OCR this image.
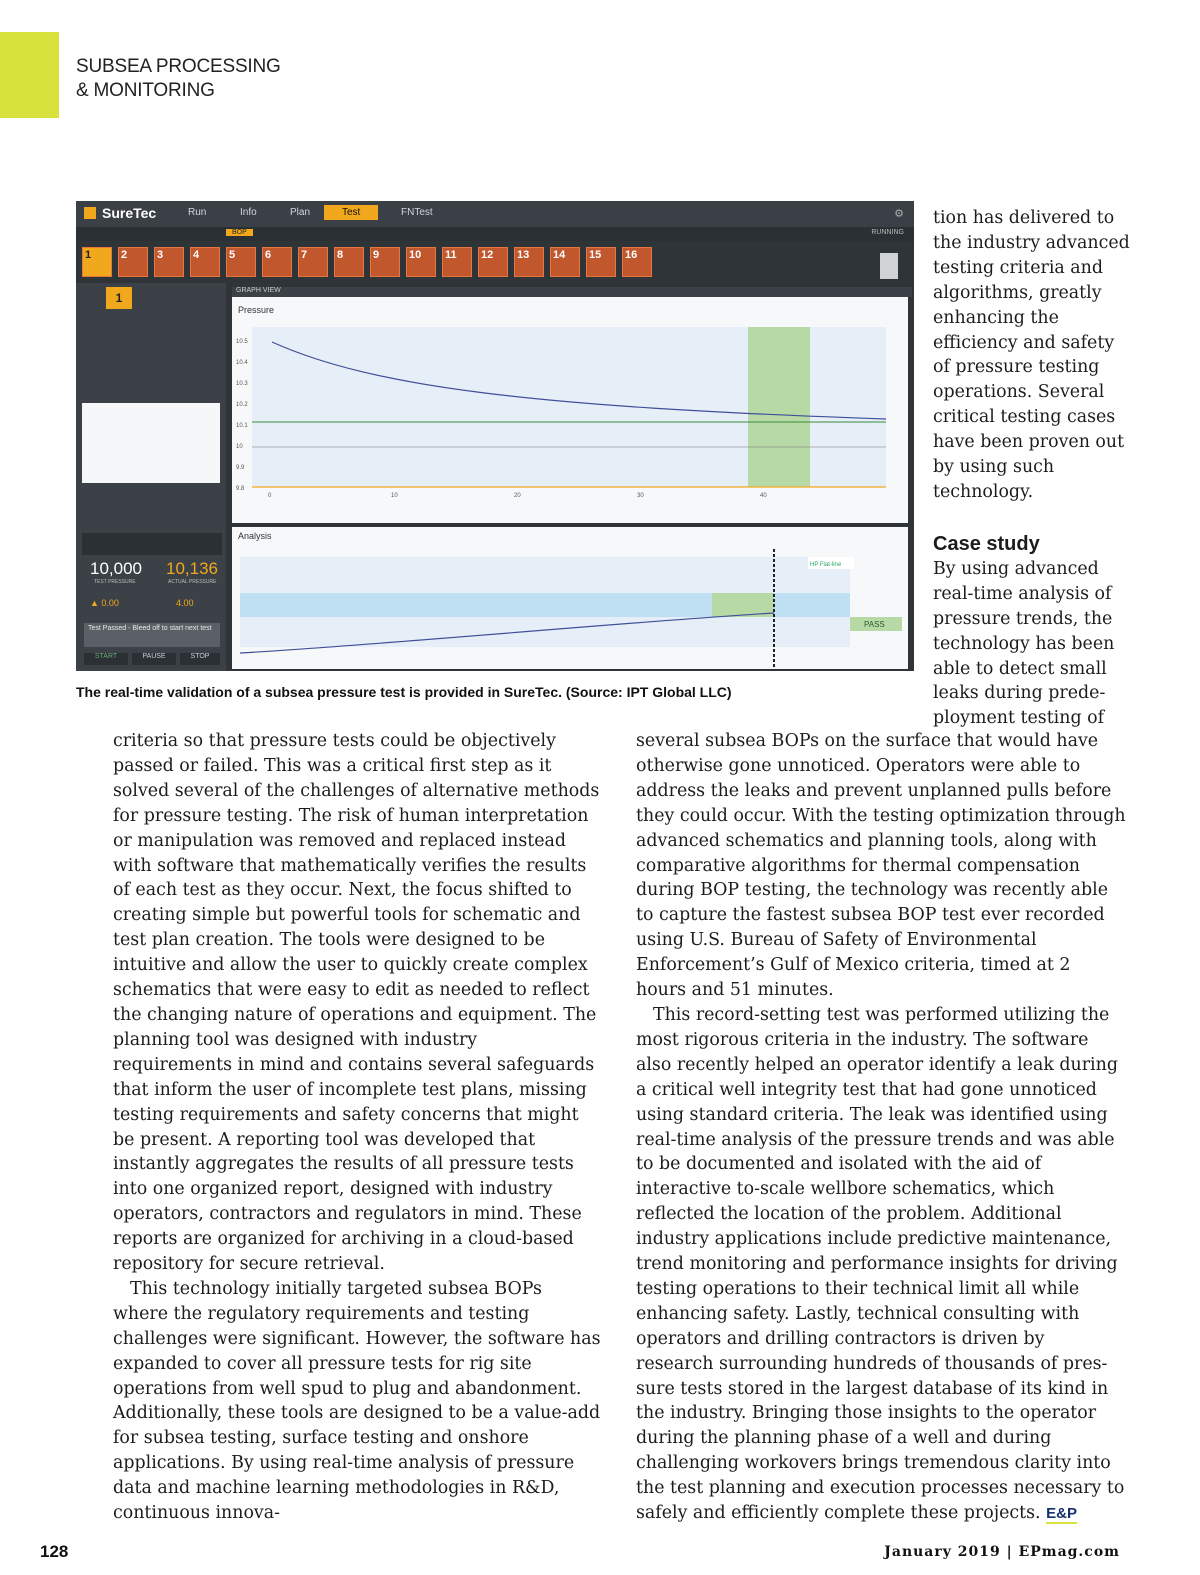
SUBSEA PROCESSING
& MONITORING
SureTec	Run	Info	Plan	Test	FNTest	⚙
BOP	RUNNING
1	2	3	4	5	6	7	8	9	10	11	12	13	14	15	16
1
10,000
TEST PRESSURE
10,136
ACTUAL PRESSURE
▲ 0.00	4.00
Test Passed - Bleed off to start next test
START	PAUSE	STOP
GRAPH VIEW
Pressure
10.5
10.4
10.3
10.2
10.1
10
9.9
9.8
0	10	20	30	40
HP Flat-line
PASS
Analysis
The real-time validation of a subsea pressure test is provided in SureTec. (Source: IPT Global LLC)

tion has delivered to the industry advanced testing criteria and algorithms, greatly enhancing the efficiency and safety of pressure testing operations. Several critical testing cases have been proven out by using such technology.

Case study

By using advanced real-time analysis of pressure trends, the technology has been able to detect small leaks during predeployment testing of

criteria so that pressure tests could be objectively passed or failed. This was a critical first step as it solved several of the challenges of alternative methods for pressure testing. The risk of human interpretation or manipulation was removed and replaced instead with software that mathematically verifies the results of each test as they occur. Next, the focus shifted to creating simple but powerful tools for schematic and test plan creation. The tools were designed to be intuitive and allow the user to quickly create complex schematics that were easy to edit as needed to reflect the changing nature of operations and equipment. The planning tool was designed with industry requirements in mind and contains several safeguards that inform the user of incomplete test plans, missing testing requirements and safety concerns that might be present. A reporting tool was developed that instantly aggregates the results of all pressure tests into one organized report, designed with industry operators, contractors and regulators in mind. These reports are organized for archiving in a cloud-based repository for secure retrieval.

This technology initially targeted subsea BOPs where the regulatory requirements and testing challenges were significant. However, the software has expanded to cover all pressure tests for rig site operations from well spud to plug and abandonment. Additionally, these tools are designed to be a value-add for subsea testing, surface testing and onshore applications. By using real-time analysis of pressure data and machine learning methodologies in R&D, continuous innova-

several subsea BOPs on the surface that would have otherwise gone unnoticed. Operators were able to address the leaks and prevent unplanned pulls before they could occur. With the testing optimization through advanced schematics and planning tools, along with comparative algorithms for thermal compensation during BOP testing, the technology was recently able to capture the fastest subsea BOP test ever recorded using U.S. Bureau of Safety of Environmental Enforcement’s Gulf of Mexico criteria, timed at 2 hours and 51 minutes.

This record-setting test was performed utilizing the most rigorous criteria in the industry. The software also recently helped an operator identify a leak during a critical well integrity test that had gone unnoticed using standard criteria. The leak was identified using real-time analysis of the pressure trends and was able to be documented and isolated with the aid of interactive to-scale wellbore schematics, which reflected the location of the problem. Additional industry applications include predictive maintenance, trend monitoring and performance insights for driving testing operations to their technical limit all while enhancing safety. Lastly, technical consulting with operators and drilling contractors is driven by research surrounding hundreds of thousands of pressure tests stored in the largest database of its kind in the industry. Bringing those insights to the operator during the planning phase of a well and during challenging workovers brings tremendous clarity into the test planning and execution processes necessary to safely and efficiently complete these projects. E&P

128	January 2019 | EPmag.com
